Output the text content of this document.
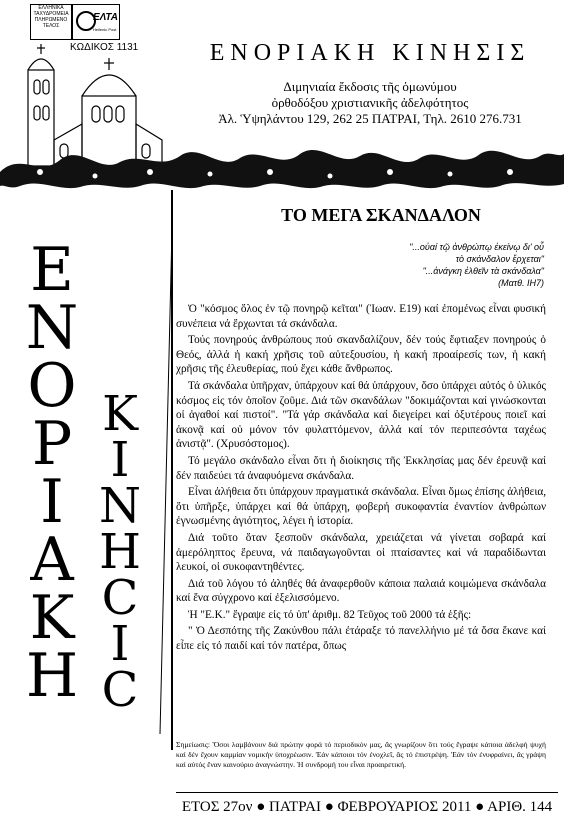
ΕΛΛΗΝΙΚΑ
ΤΑΧΥΔΡΟΜΕΙΑ
ΠΛΗΡΩΜΕΝΟ
ΤΕΛΟΣ
ΕΛΤΑ
Hellenic Post
ΚΩΔΙΚΟΣ 1131	ΕΝΟΡΙΑΚΗ ΚΙΝΗΣΙΣ
Διμηνιαία ἔκδοσις τῆς ὁμωνύμου
ὀρθοδόξου χριστιανικῆς ἀδελφότητος
Ἀλ. Ὑψηλάντου 129, 262 25 ΠΑΤΡΑΙ, Τηλ. 2610 276.731
Ε
Ν
Ο
Ρ
Ι
Α
Κ
Η
Κ
Ι
Ν
Η
C
I
C
ΤΟ ΜΕΓΑ ΣΚΑΝΔΑΛΟΝ
"...οὐαί τῷ ἀνθρώπῳ ἐκείνῳ δι' οὗ
τὸ σκάνδαλον ἔρχεται"
"...ἀνάγκη ἐλθεῖν τὰ σκάνδαλα"
(Ματθ. ΙΗ7)

Ὁ "κόσμος ὅλος ἐν τῷ πονηρῷ κεῖται" (Ἰωαν. Ε19) καί ἐπομένως εἶναι φυσική συνέπεια νά ἔρχωνται τά σκάνδαλα.

Τούς πονηρούς ἀνθρώπους πού σκανδαλίζουν, δέν τούς ἔφτιαξεν πονηρούς ὁ Θεός, ἀλλά ἡ κακή χρῆσις τοῦ αὐτεξουσίου, ἡ κακή προαίρεσίς των, ἡ κακή χρῆσις τῆς ἐλευθερίας, πού ἔχει κάθε ἄνθρωπος.

Τά σκάνδαλα ὑπῆρχαν, ὑπάρχουν καί θά ὑπάρχουν, ὅσο ὑπάρχει αὐτός ὁ ὑλικός κόσμος εἰς τόν ὁποῖον ζοῦμε. Διά τῶν σκανδάλων "δοκιμάζονται καί γινώσκονται οἱ ἀγαθοί καί πιστοί". "Τά γάρ σκάνδαλα καί διεγείρει καί ὀξυτέρους ποιεῖ καί ἀκονᾷ καί οὐ μόνον τόν φυλαττόμενον, ἀλλά καί τόν περιπεσόντα ταχέως ἀνιστᾷ". (Χρυσόστομος).

Τό μεγάλο σκάνδαλο εἶναι ὅτι ἡ διοίκησις τῆς Ἐκκλησίας μας δέν ἐρευνᾷ καί δέν παιδεύει τά ἀναφυόμενα σκάνδαλα.

Εἶναι ἀλήθεια ὅτι ὑπάρχουν πραγματικά σκάνδαλα. Εἶναι ὅμως ἐπίσης ἀλήθεια, ὅτι ὑπῆρξε, ὑπάρχει καί θά ὑπάρχη, φοβερή συκοφαντία ἐναντίον ἀνθρώπων ἐγνωσμένης ἁγιότητος, λέγει ἡ ἱστορία.

Διά τοῦτο ὅταν ξεσποῦν σκάνδαλα, χρειάζεται νά γίνεται σοβαρά καί ἀμερόληπτος ἔρευνα, νά παιδαγωγοῦνται οἱ πταίσαντες καί νά παραδίδωνται λευκοί, οἱ συκοφαντηθέντες.

Διά τοῦ λόγου τό ἀληθές θά ἀναφερθοῦν κάποια παλαιά κοιμώμενα σκάνδαλα καί ἕνα σύγχρονο καί ἐξελισσόμενο.

Ἡ "Ε.Κ." ἔγραψε εἰς τό ὑπ' ἀριθμ. 82 Τεῦχος τοῦ 2000 τά ἑξῆς:

" Ὁ Δεσπότης τῆς Ζακύνθου πάλι ἐτάραξε τό πανελλήνιο μέ τά ὅσα ἔκανε καί εἶπε εἰς τό παιδί καί τόν πατέρα, ὅπως

Σημείωσις: Ὅσοι λαμβάνουν διά πρώτην φορά τό περιοδικόν μας, ἄς γνωρίζουν ὅτι τούς ἔγραψε κάποια ἀδελφή ψυχή καί δέν ἔχουν καμμίαν νομικήν ὑποχρέωσιν. Ἐάν κάποιοι τόν ἐνοχλεῖ, ἄς τό ἐπιστρέψη. Ἐάν τόν ἐνυφραίνει, ἄς γράψη καί αὐτός ἕναν καινούριο ἀναγνώστην. Ἡ συνδρομή του εἶναι προαιρετική.
ΕΤΟΣ 27ον ● ΠΑΤΡΑΙ ● ΦΕΒΡΟΥΑΡΙΟΣ 2011 ● ΑΡΙΘ. 144
